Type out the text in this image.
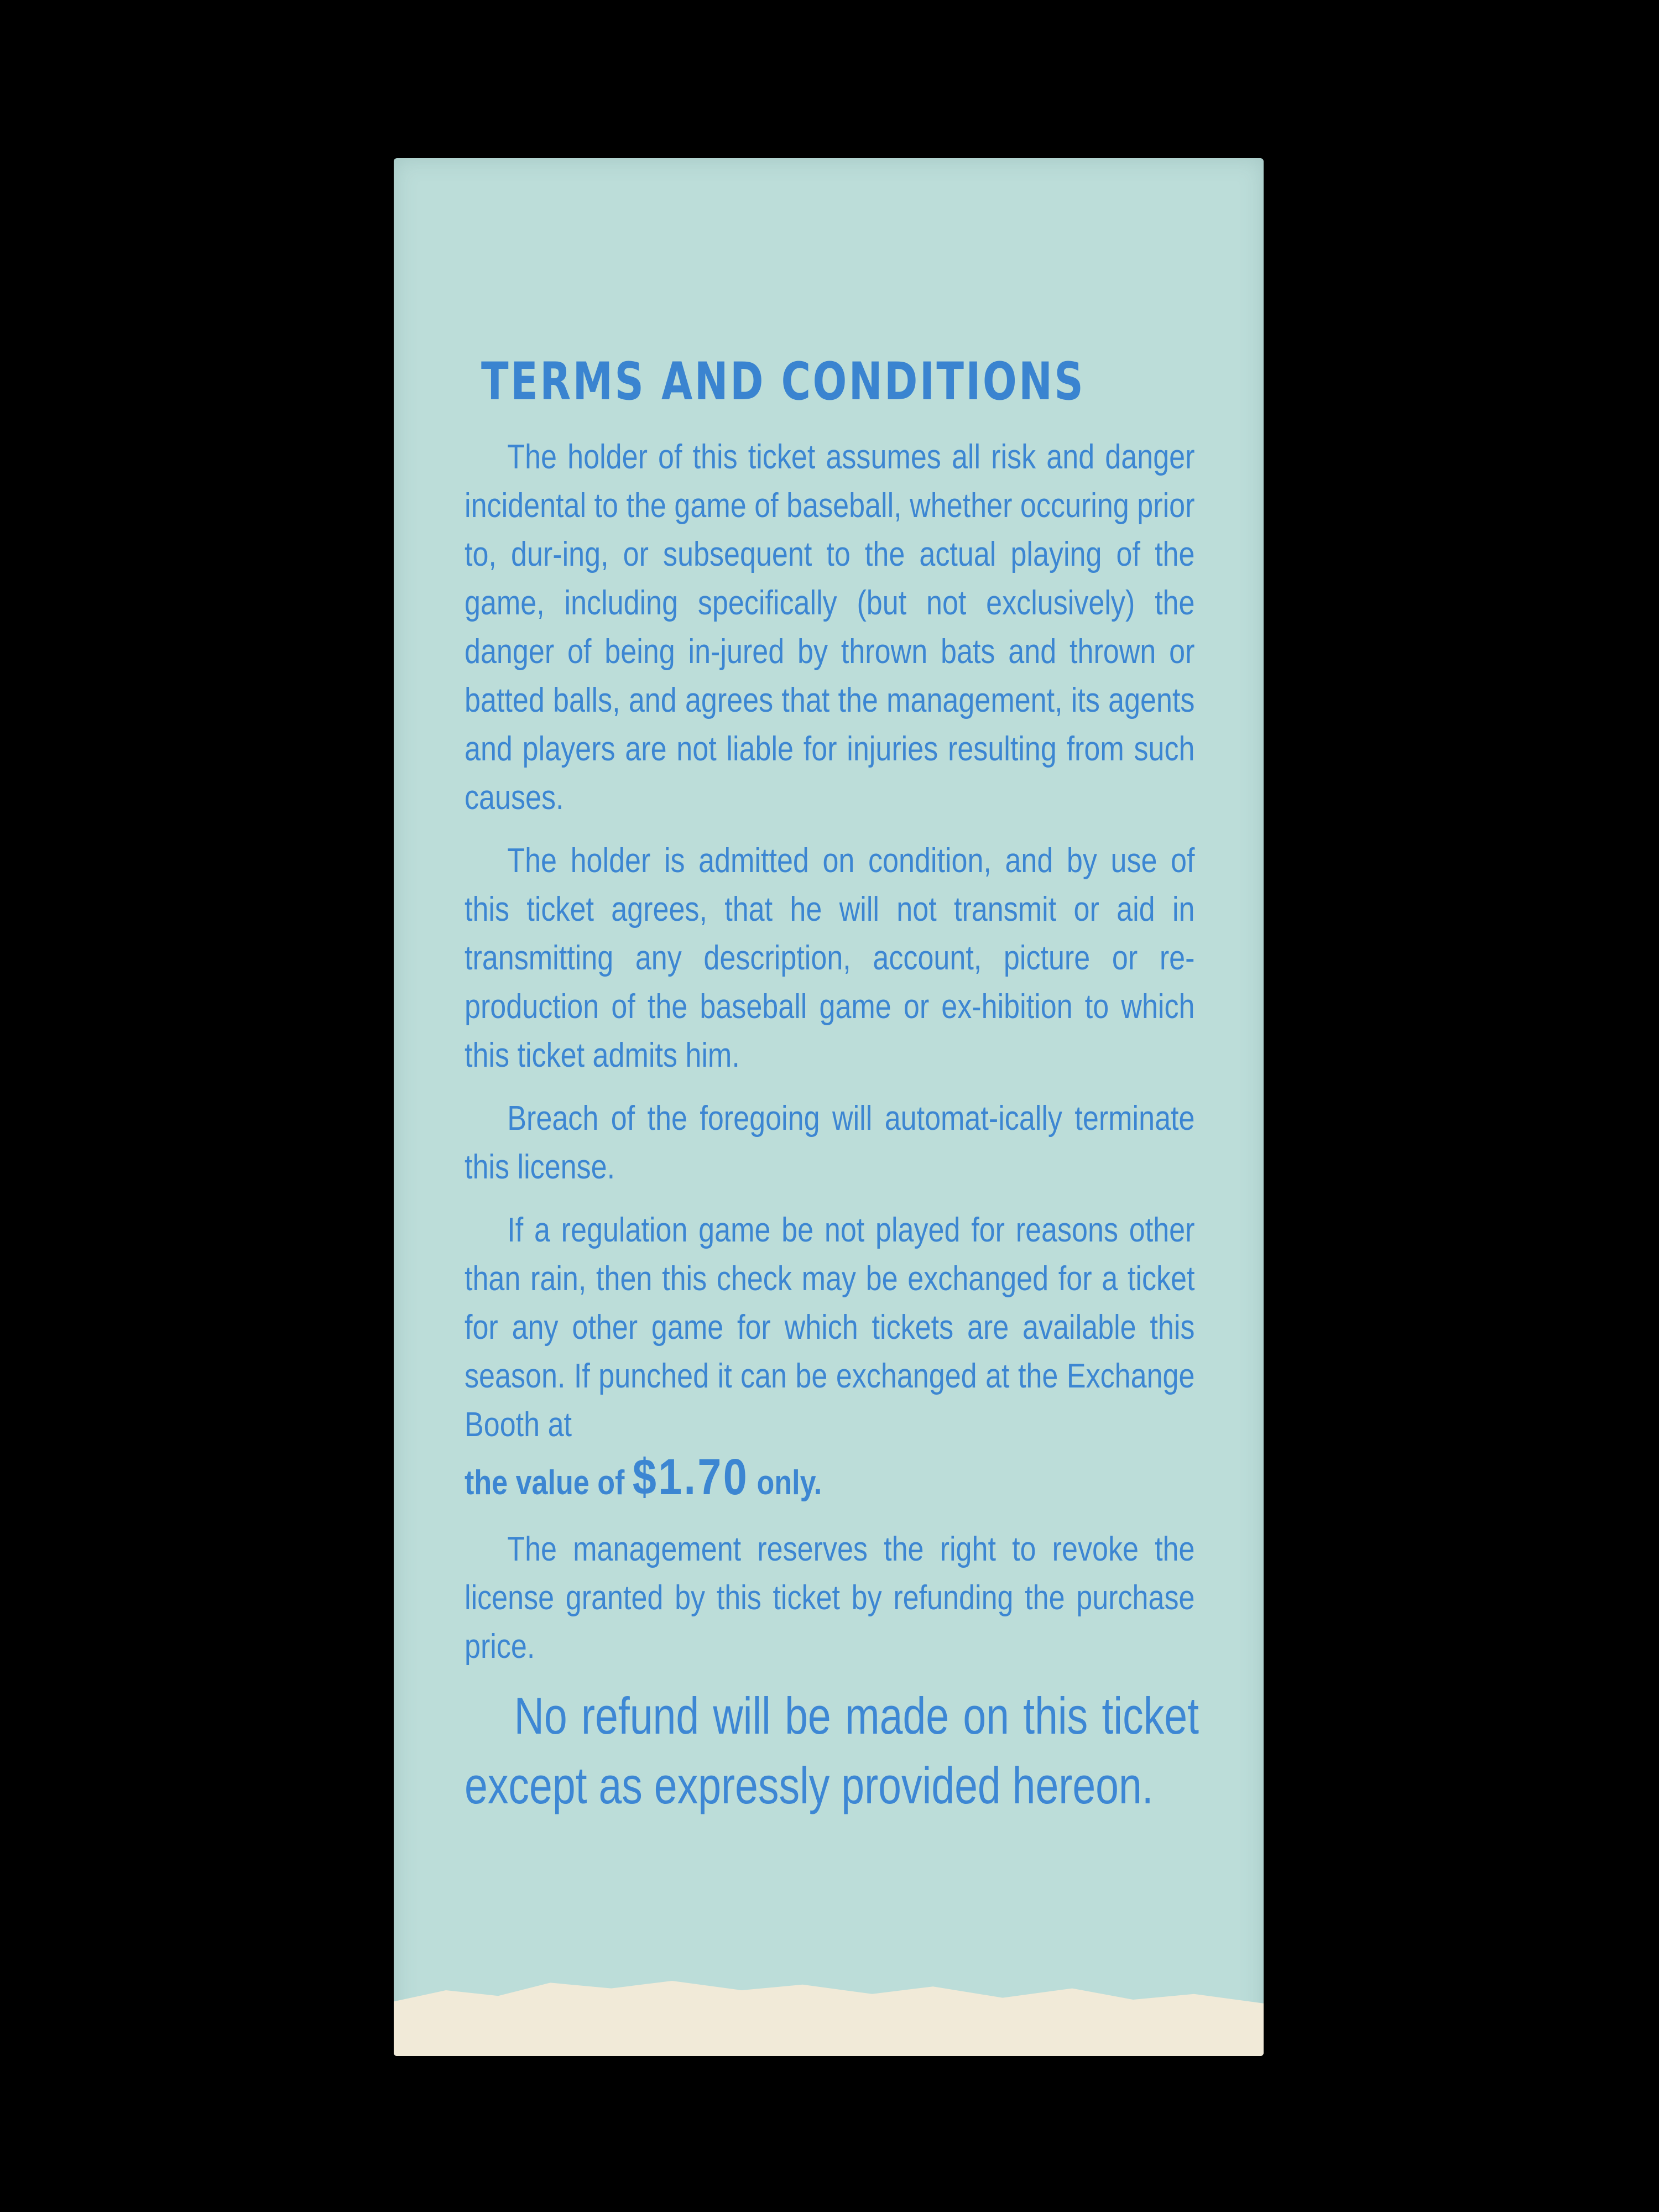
TERMS AND CONDITIONS

The holder of this ticket assumes all risk and danger incidental to the game of baseball, whether occuring prior to, dur-ing, or subsequent to the actual playing of the game, including specifically (but not exclusively) the danger of being in-jured by thrown bats and thrown or batted balls, and agrees that the management, its agents and players are not liable for injuries resulting from such causes.

The holder is admitted on condition, and by use of this ticket agrees, that he will not transmit or aid in transmitting any description, account, picture or re-production of the baseball game or ex-hibition to which this ticket admits him.

Breach of the foregoing will automat-ically terminate this license.

If a regulation game be not played for reasons other than rain, then this check may be exchanged for a ticket for any other game for which tickets are available this season. If punched it can be exchanged at the Exchange Booth at

the value of $1.70 only.

The management reserves the right to revoke the license granted by this ticket by refunding the purchase price.

No refund will be made on this ticket except as expressly provided hereon.
